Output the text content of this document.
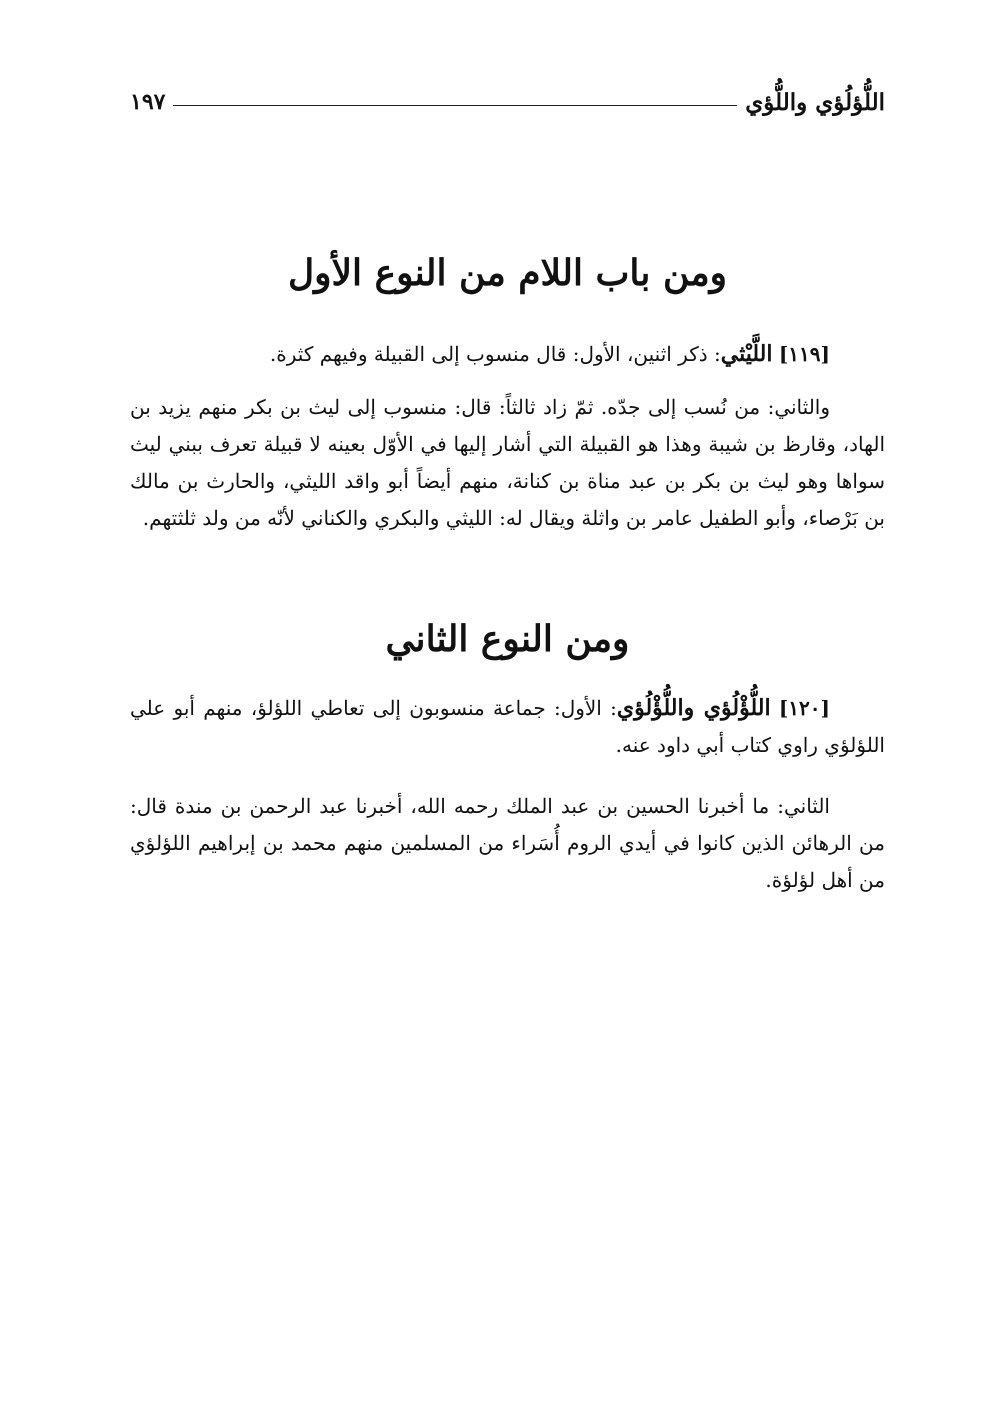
اللُّؤلُؤي واللُّؤي
١٩٧
ومن باب اللام من النوع الأول

[١١٩] اللَّيْثي: ذكر اثنين، الأول: قال منسوب إلى القبيلة وفيهم كثرة.

والثاني: من نُسب إلى جدّه. ثمّ زاد ثالثاً: قال: منسوب إلى ليث بن بكر منهم يزيد بن الهاد، وقارظ بن شيبة وهذا هو القبيلة التي أشار إليها في الأوّل بعينه لا قبيلة تعرف ببني ليث سواها وهو ليث بن بكر بن عبد مناة بن كنانة، منهم أيضاً أبو واقد الليثي، والحارث بن مالك بن بَرْصاء، وأبو الطفيل عامر بن واثلة ويقال له: الليثي والبكري والكناني لأنّه من ولد ثلثتهم.

ومن النوع الثاني

[١٢٠] اللُّؤْلُؤي واللُّؤْلُؤي: الأول: جماعة منسوبون إلى تعاطي اللؤلؤ، منهم أبو علي اللؤلؤي راوي كتاب أبي داود عنه.

الثاني: ما أخبرنا الحسين بن عبد الملك رحمه الله، أخبرنا عبد الرحمن بن مندة قال: من الرهائن الذين كانوا في أيدي الروم أُسَراء من المسلمين منهم محمد بن إبراهيم اللؤلؤي من أهل لؤلؤة.
